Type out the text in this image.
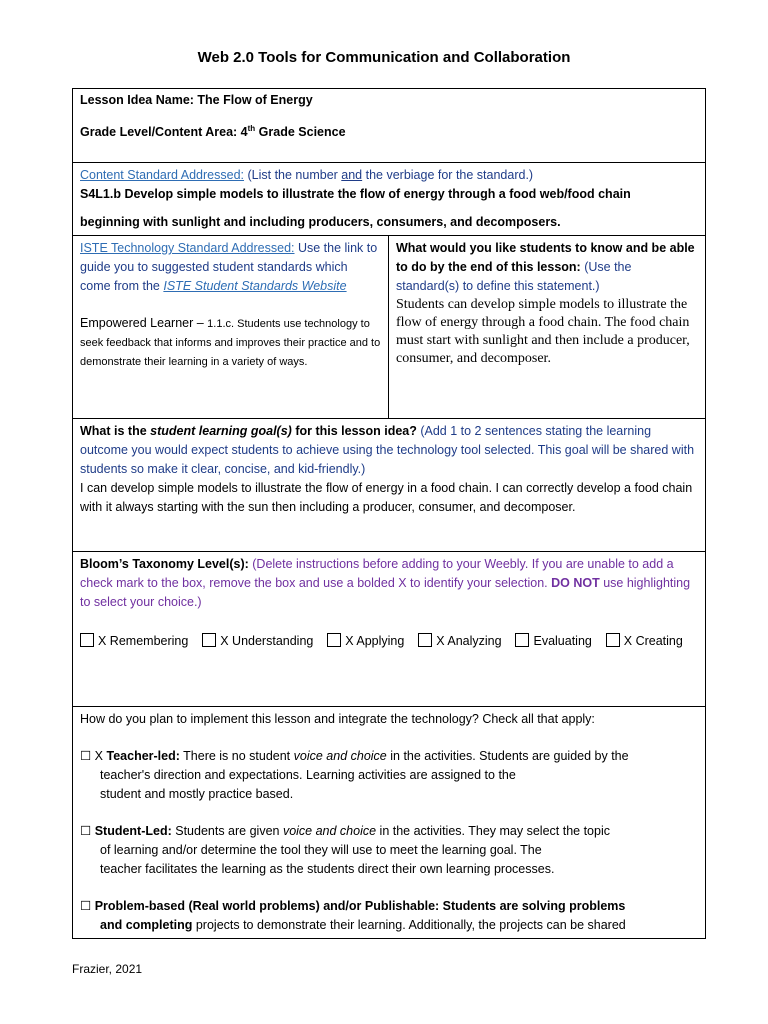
Web 2.0 Tools for Communication and Collaboration

Lesson Idea Name: The Flow of Energy

Grade Level/Content Area: 4th Grade Science

Content Standard Addressed: (List the number and the verbiage for the standard.)

S4L1.b Develop simple models to illustrate the flow of energy through a food web/food chain

beginning with sunlight and including producers, consumers, and decomposers.

ISTE Technology Standard Addressed: Use the link to guide you to suggested student standards which come from the ISTE Student Standards Website

Empowered Learner – 1.1.c. Students use technology to seek feedback that informs and improves their practice and to demonstrate their learning in a variety of ways.

What would you like students to know and be able to do by the end of this lesson: (Use the standard(s) to define this statement.)

Students can develop simple models to illustrate the flow of energy through a food chain. The food chain must start with sunlight and then include a producer, consumer, and decomposer.

What is the student learning goal(s) for this lesson idea? (Add 1 to 2 sentences stating the learning outcome you would expect students to achieve using the technology tool selected. This goal will be shared with students so make it clear, concise, and kid-friendly.)

I can develop simple models to illustrate the flow of energy in a food chain. I can correctly develop a food chain with it always starting with the sun then including a producer, consumer, and decomposer.

Bloom’s Taxonomy Level(s): (Delete instructions before adding to your Weebly. If you are unable to add a check mark to the box, remove the box and use a bolded X to identify your selection. DO NOT use highlighting to select your choice.)

X Remembering	X Understanding	X Applying	X Analyzing	Evaluating	X Creating

How do you plan to implement this lesson and integrate the technology? Check all that apply:

☐ X Teacher-led: There is no student voice and choice in the activities. Students are guided by the

teacher's direction and expectations. Learning activities are assigned to the

student and mostly practice based.

☐ Student-Led: Students are given voice and choice in the activities. They may select the topic

of learning and/or determine the tool they will use to meet the learning goal. The

teacher facilitates the learning as the students direct their own learning processes.

☐ Problem-based (Real world problems) and/or Publishable: Students are solving problems

and completing projects to demonstrate their learning. Additionally, the projects can be shared

Frazier, 2021
